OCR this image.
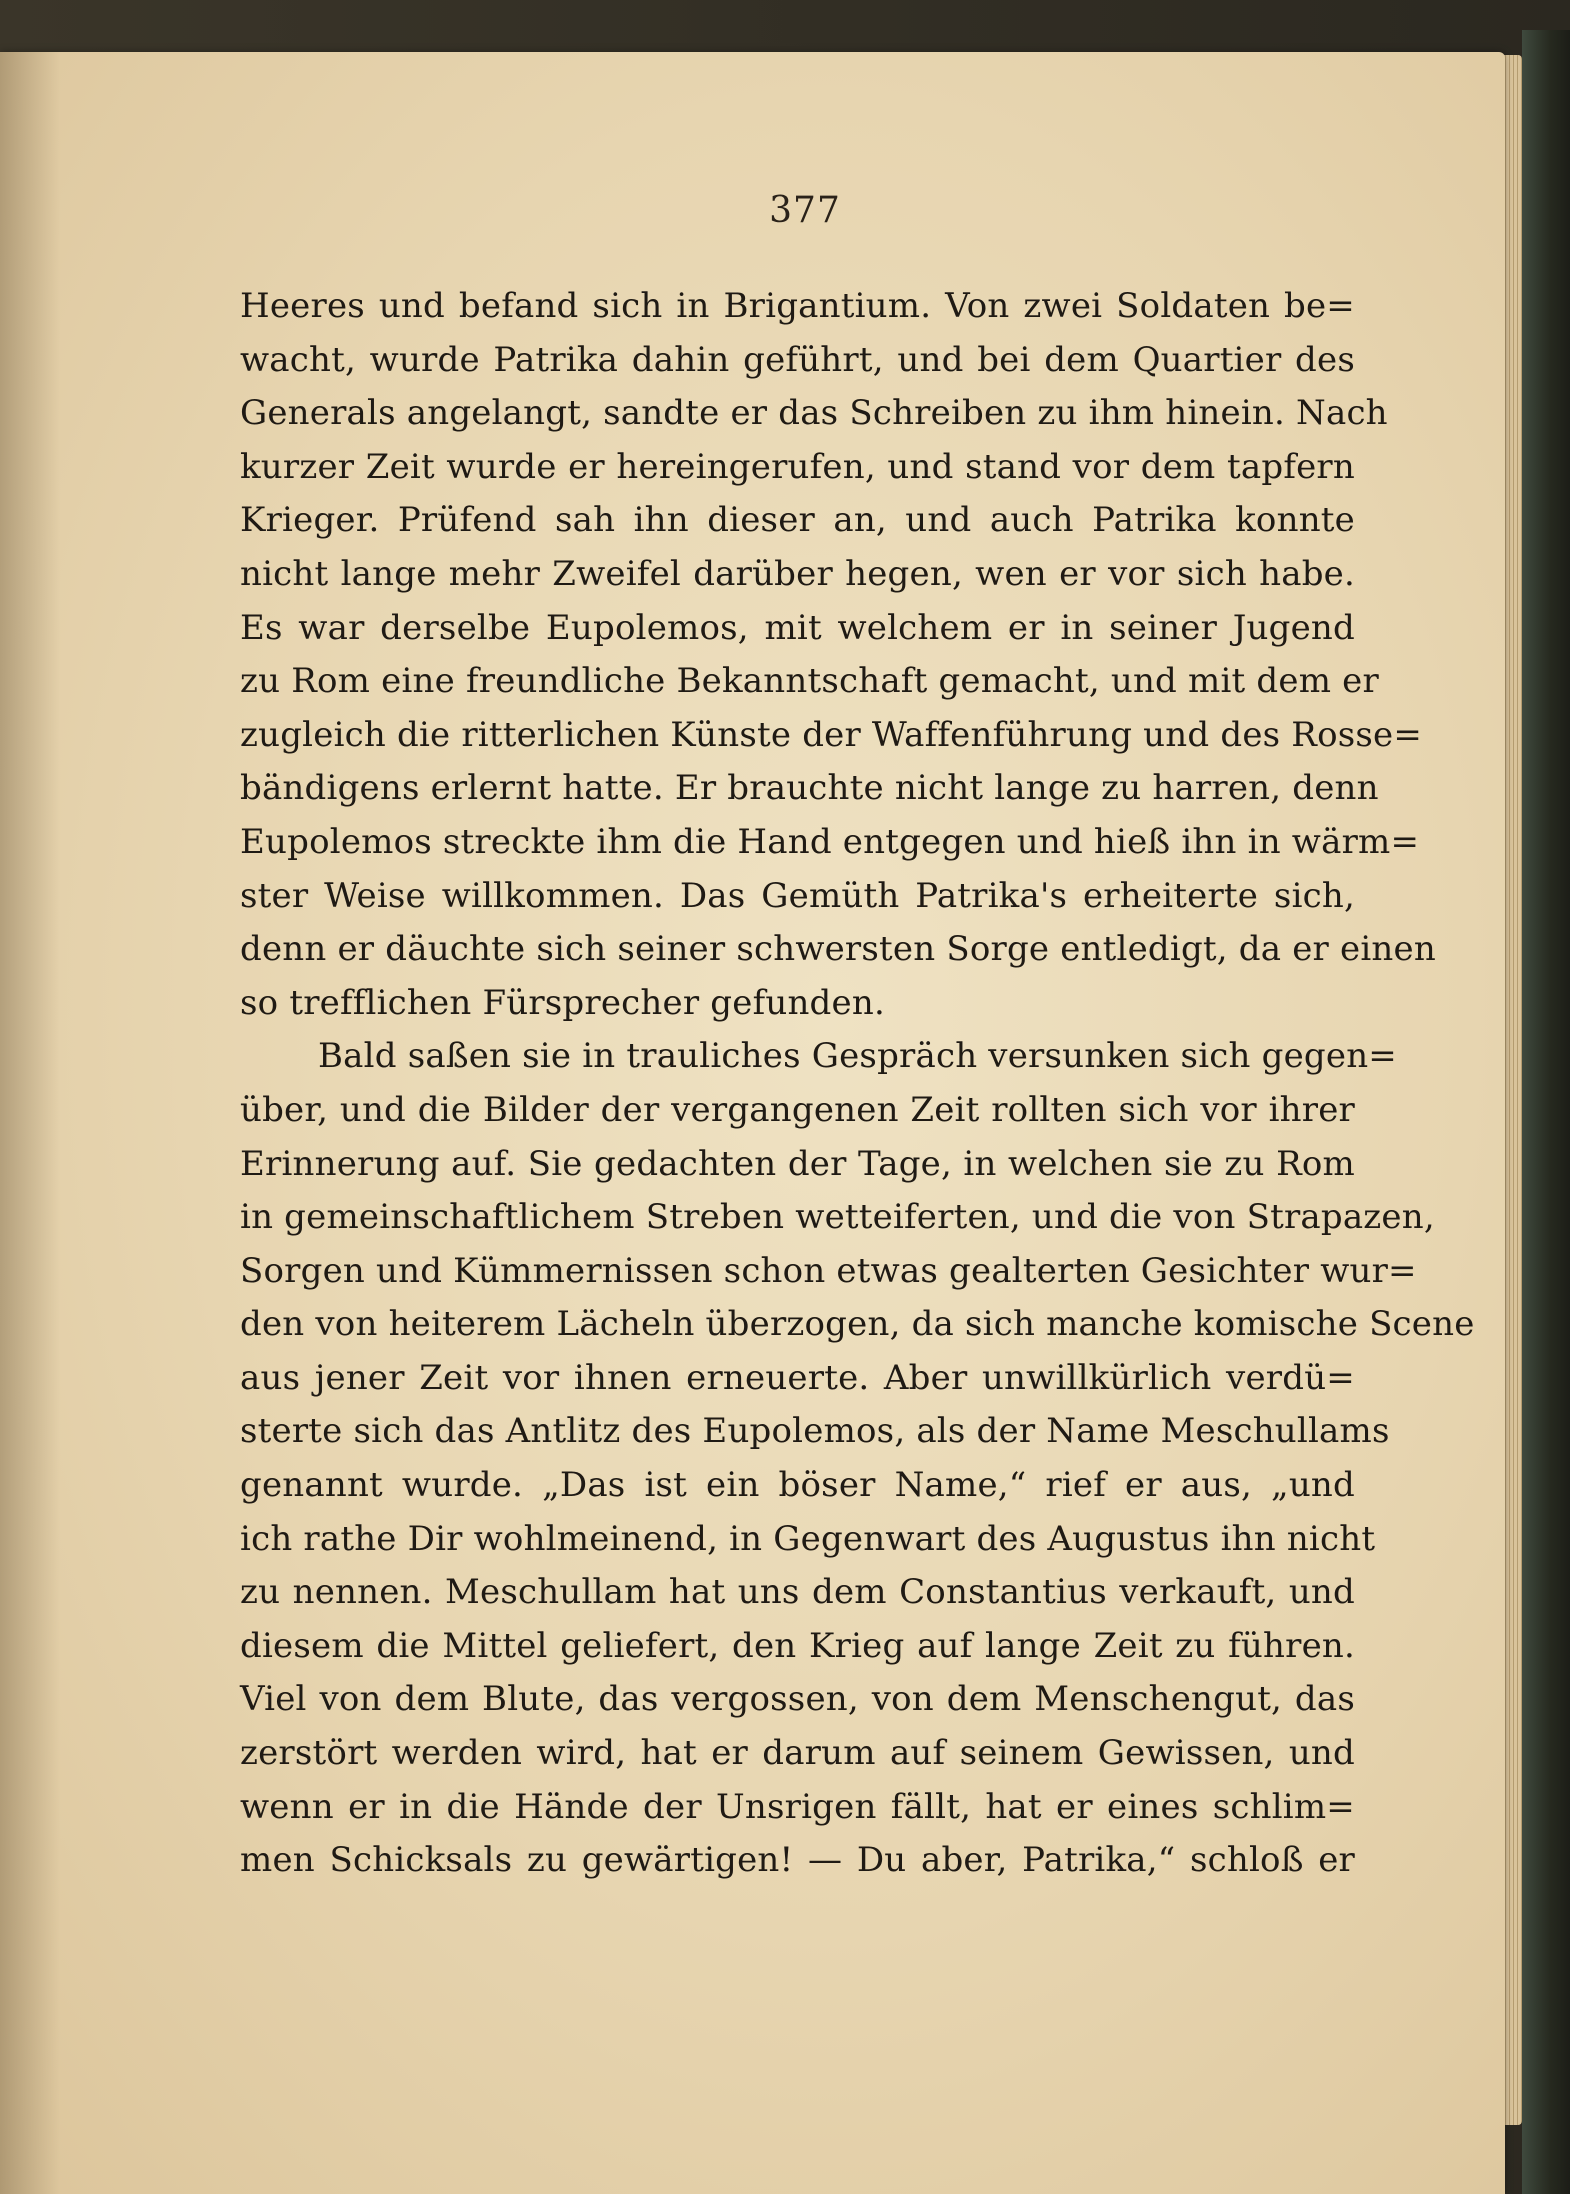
377
Heeres und befand sich in Brigantium. Von zwei Soldaten be=
wacht, wurde Patrika dahin geführt, und bei dem Quartier des
Generals angelangt, sandte er das Schreiben zu ihm hinein. Nach
kurzer Zeit wurde er hereingerufen, und stand vor dem tapfern
Krieger. Prüfend sah ihn dieser an, und auch Patrika konnte
nicht lange mehr Zweifel darüber hegen, wen er vor sich habe.
Es war derselbe Eupolemos, mit welchem er in seiner Jugend
zu Rom eine freundliche Bekanntschaft gemacht, und mit dem er
zugleich die ritterlichen Künste der Waffenführung und des Rosse=
bändigens erlernt hatte. Er brauchte nicht lange zu harren, denn
Eupolemos streckte ihm die Hand entgegen und hieß ihn in wärm=
ster Weise willkommen. Das Gemüth Patrika's erheiterte sich,
denn er däuchte sich seiner schwersten Sorge entledigt, da er einen
so trefflichen Fürsprecher gefunden.
Bald saßen sie in trauliches Gespräch versunken sich gegen=
über, und die Bilder der vergangenen Zeit rollten sich vor ihrer
Erinnerung auf. Sie gedachten der Tage, in welchen sie zu Rom
in gemeinschaftlichem Streben wetteiferten, und die von Strapazen,
Sorgen und Kümmernissen schon etwas gealterten Gesichter wur=
den von heiterem Lächeln überzogen, da sich manche komische Scene
aus jener Zeit vor ihnen erneuerte. Aber unwillkürlich verdü=
sterte sich das Antlitz des Eupolemos, als der Name Meschullams
genannt wurde. „Das ist ein böser Name,“ rief er aus, „und
ich rathe Dir wohlmeinend, in Gegenwart des Augustus ihn nicht
zu nennen. Meschullam hat uns dem Constantius verkauft, und
diesem die Mittel geliefert, den Krieg auf lange Zeit zu führen.
Viel von dem Blute, das vergossen, von dem Menschengut, das
zerstört werden wird, hat er darum auf seinem Gewissen, und
wenn er in die Hände der Unsrigen fällt, hat er eines schlim=
men Schicksals zu gewärtigen! — Du aber, Patrika,“ schloß er
